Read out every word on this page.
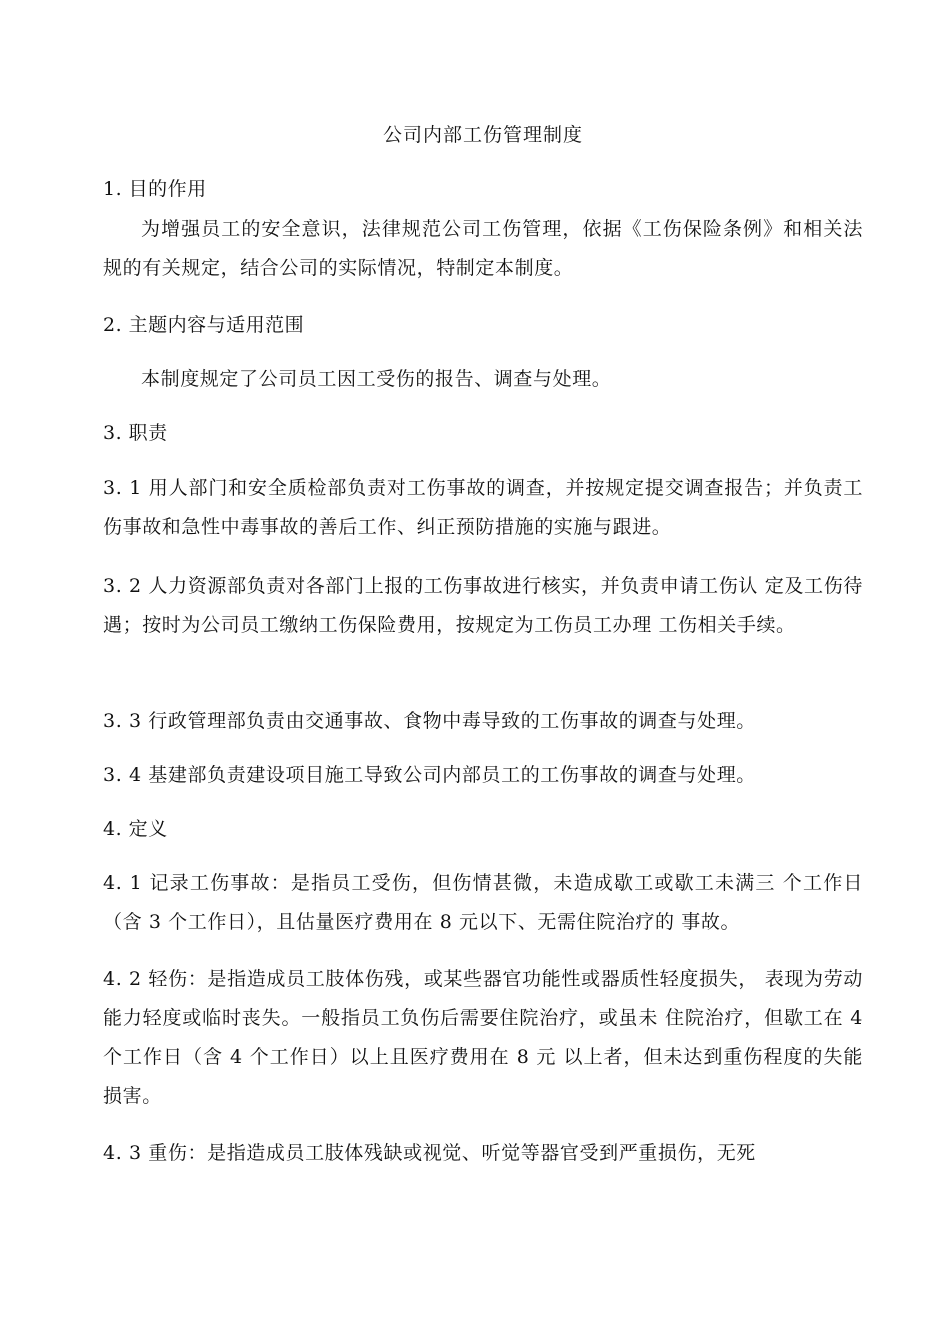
公司内部工伤管理制度
1. 目的作用
为增强员工的安全意识，法律规范公司工伤管理，依据《工伤保险条例》和相关法规的有关规定，结合公司的实际情况，特制定本制度。
2. 主题内容与适用范围
本制度规定了公司员工因工受伤的报告、调查与处理。
3. 职责
3. 1 用人部门和安全质检部负责对工伤事故的调查，并按规定提交调查报告；并负责工伤事故和急性中毒事故的善后工作、纠正预防措施的实施与跟进。
3. 2 人力资源部负责对各部门上报的工伤事故进行核实，并负责申请工伤认 定及工伤待遇；按时为公司员工缴纳工伤保险费用，按规定为工伤员工办理 工伤相关手续。
3. 3 行政管理部负责由交通事故、食物中毒导致的工伤事故的调查与处理。
3. 4 基建部负责建设项目施工导致公司内部员工的工伤事故的调查与处理。
4. 定义
4. 1 记录工伤事故：是指员工受伤，但伤情甚微，未造成歇工或歇工未满三 个工作日（含 3 个工作日），且估量医疗费用在 8 元以下、无需住院治疗的 事故。
4. 2 轻伤：是指造成员工肢体伤残，或某些器官功能性或器质性轻度损失， 表现为劳动能力轻度或临时丧失。一般指员工负伤后需要住院治疗，或虽未 住院治疗，但歇工在 4 个工作日（含 4 个工作日）以上且医疗费用在 8 元 以上者，但未达到重伤程度的失能损害。
4. 3 重伤：是指造成员工肢体残缺或视觉、听觉等器官受到严重损伤，无死
